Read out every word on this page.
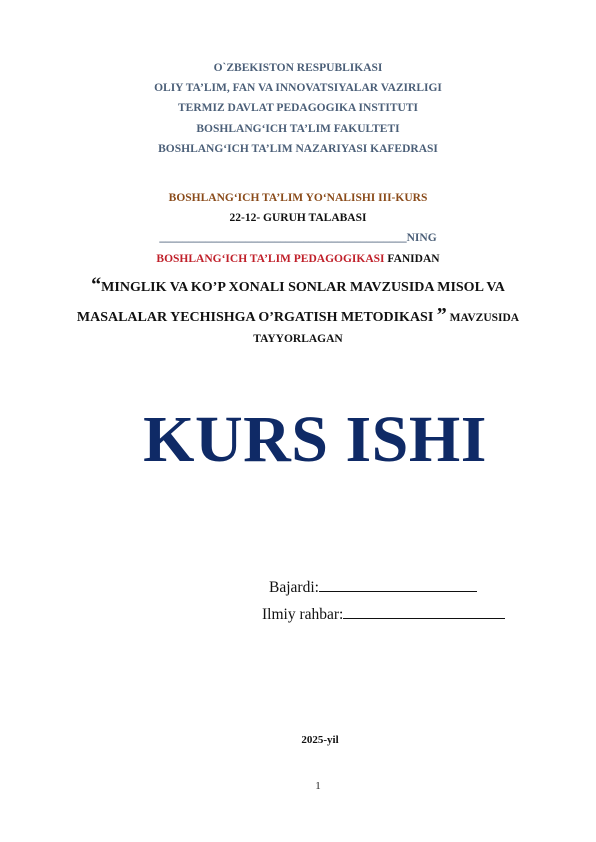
O`ZBEKISTON RESPUBLIKASI
OLIY TA’LIM, FAN VA INNOVATSIYALAR VAZIRLIGI
TERMIZ DAVLAT PEDAGOGIKA INSTITUTI
BOSHLANG‘ICH TA’LIM FAKULTETI
BOSHLANG‘ICH TA’LIM NAZARIYASI KAFEDRASI
BOSHLANG‘ICH TA’LIM YO‘NALISHI III-KURS
22-12- GURUH TALABASI
___________________________________________NING
BOSHLANG‘ICH TA’LIM PEDAGOGIKASI FANIDAN
“MINGLIK VA KO’P XONALI SONLAR MAVZUSIDA MISOL VA
MASALALAR YECHISHGA O’RGATISH METODIKASI ” MAVZUSIDA
TAYYORLAGAN
KURS ISHI
Bajardi:
Ilmiy rahbar:
2025-yil
1
